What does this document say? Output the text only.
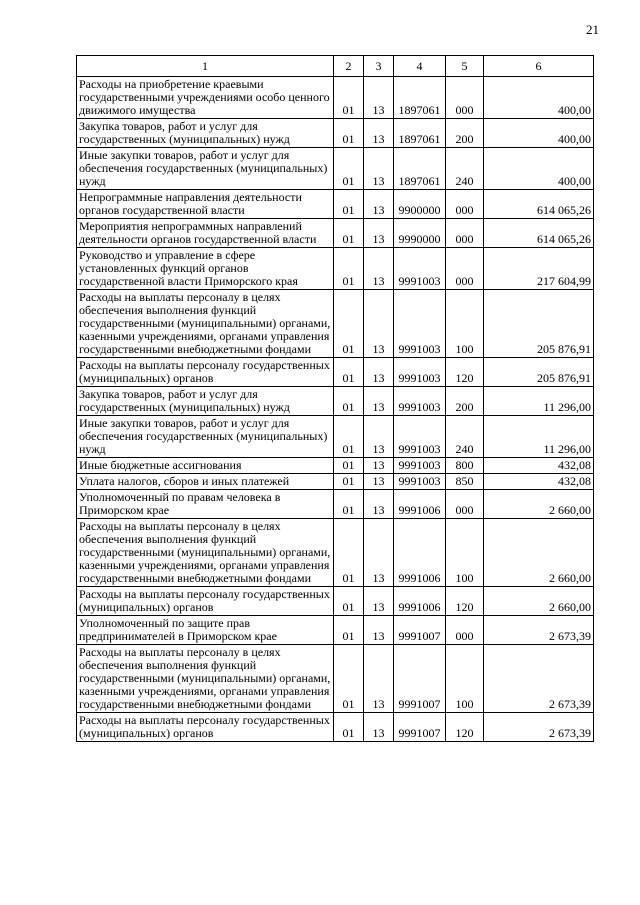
21
1	2	3	4	5	6
Расходы на приобретение краевыми государственными учреждениями особо ценного движимого имущества	01	13	1897061	000	400,00
Закупка товаров, работ и услуг для государственных (муниципальных) нужд	01	13	1897061	200	400,00
Иные закупки товаров, работ и услуг для обеспечения государственных (муниципальных) нужд	01	13	1897061	240	400,00
Непрограммные направления деятельности органов государственной власти	01	13	9900000	000	614 065,26
Мероприятия непрограммных направлений деятельности органов государственной власти	01	13	9990000	000	614 065,26
Руководство и управление в сфере установленных функций органов государственной власти Приморского края	01	13	9991003	000	217 604,99
Расходы на выплаты персоналу в целях обеспечения выполнения функций государственными (муниципальными) органами, казенными учреждениями, органами управления государственными внебюджетными фондами	01	13	9991003	100	205 876,91
Расходы на выплаты персоналу государственных (муниципальных) органов	01	13	9991003	120	205 876,91
Закупка товаров, работ и услуг для государственных (муниципальных) нужд	01	13	9991003	200	11 296,00
Иные закупки товаров, работ и услуг для обеспечения государственных (муниципальных) нужд	01	13	9991003	240	11 296,00
Иные бюджетные ассигнования	01	13	9991003	800	432,08
Уплата налогов, сборов и иных платежей	01	13	9991003	850	432,08
Уполномоченный по правам человека в Приморском крае	01	13	9991006	000	2 660,00
Расходы на выплаты персоналу в целях обеспечения выполнения функций государственными (муниципальными) органами, казенными учреждениями, органами управления государственными внебюджетными фондами	01	13	9991006	100	2 660,00
Расходы на выплаты персоналу государственных (муниципальных) органов	01	13	9991006	120	2 660,00
Уполномоченный по защите прав предпринимателей в Приморском крае	01	13	9991007	000	2 673,39
Расходы на выплаты персоналу в целях обеспечения выполнения функций государственными (муниципальными) органами, казенными учреждениями, органами управления государственными внебюджетными фондами	01	13	9991007	100	2 673,39
Расходы на выплаты персоналу государственных (муниципальных) органов	01	13	9991007	120	2 673,39
